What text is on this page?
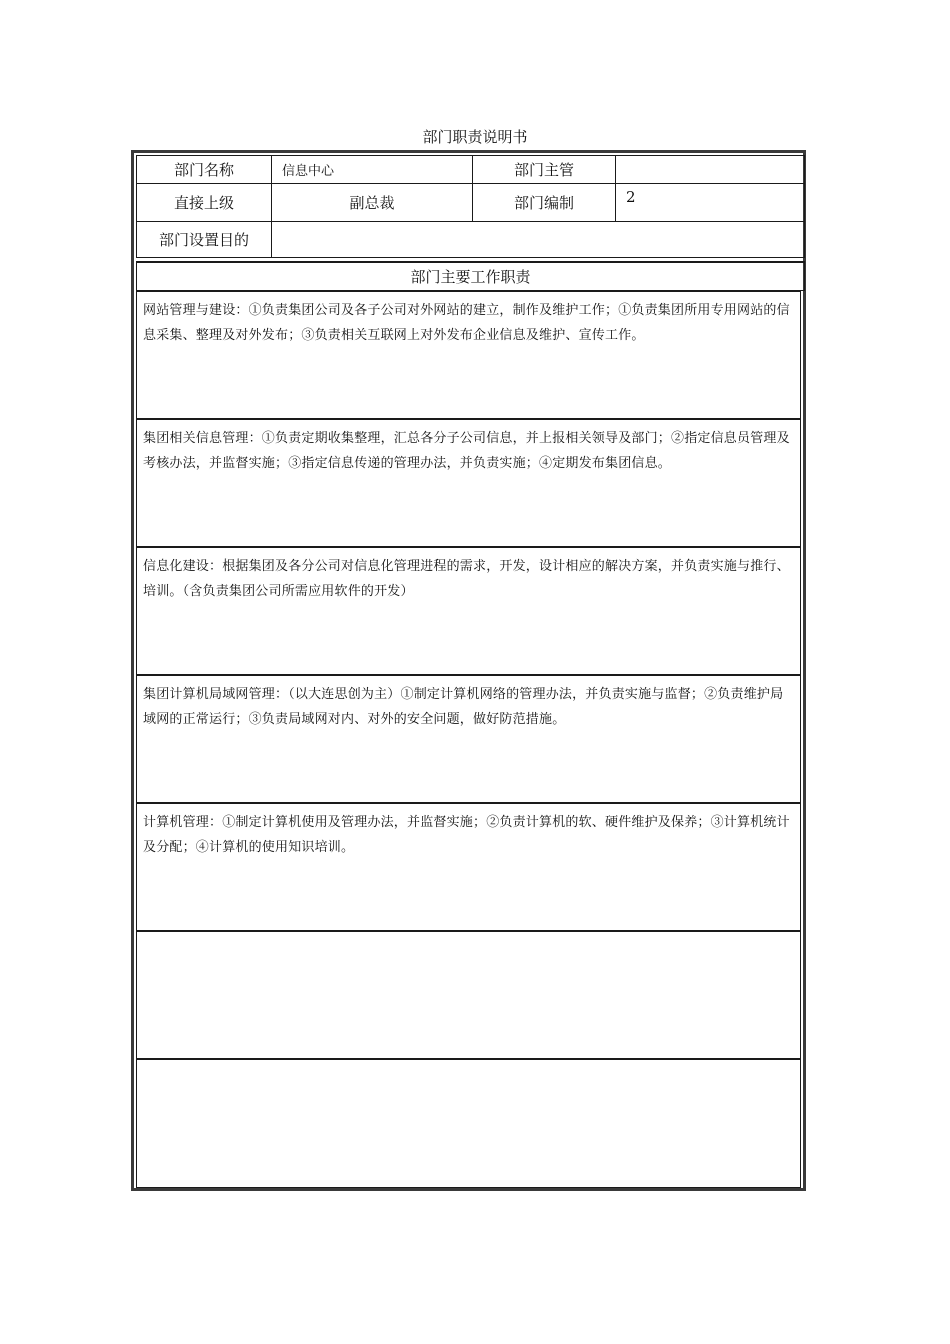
部门职责说明书
部门名称	信息中心	部门主管
直接上级	副总裁	部门编制	2
部门设置目的
部门主要工作职责
网站管理与建设：①负责集团公司及各子公司对外网站的建立，制作及维护工作；①负责集团所用专用网站的信息采集、整理及对外发布；③负责相关互联网上对外发布企业信息及维护、宣传工作。
集团相关信息管理：①负责定期收集整理，汇总各分子公司信息，并上报相关领导及部门；②指定信息员管理及考核办法，并监督实施；③指定信息传递的管理办法，并负责实施；④定期发布集团信息。
信息化建设：根据集团及各分公司对信息化管理进程的需求，开发，设计相应的解决方案，并负责实施与推行、培训。（含负责集团公司所需应用软件的开发）
集团计算机局域网管理：（以大连思创为主）①制定计算机网络的管理办法，并负责实施与监督；②负责维护局域网的正常运行；③负责局域网对内、对外的安全问题，做好防范措施。
计算机管理：①制定计算机使用及管理办法，并监督实施；②负责计算机的软、硬件维护及保养；③计算机统计及分配；④计算机的使用知识培训。
